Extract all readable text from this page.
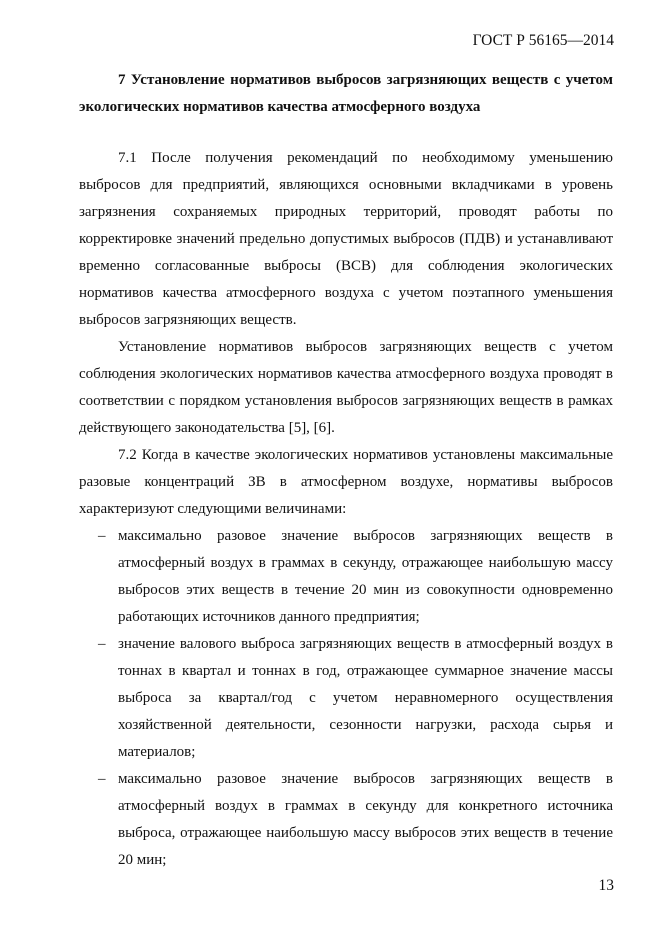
ГОСТ Р 56165—2014
7 Установление нормативов выбросов загрязняющих веществ с учетом экологических нормативов качества атмосферного воздуха

7.1 После получения рекомендаций по необходимому уменьшению выбросов для предприятий, являющихся основными вкладчиками в уровень загрязнения сохраняемых природных территорий, проводят работы по корректировке значений предельно допустимых выбросов (ПДВ) и устанавливают временно согласованные выбросы (ВСВ) для соблюдения экологических нормативов качества атмосферного воздуха с учетом поэтапного уменьшения выбросов загрязняющих веществ.

Установление нормативов выбросов загрязняющих веществ с учетом соблюдения экологических нормативов качества атмосферного воздуха проводят в соответствии с порядком установления выбросов загрязняющих веществ в рамках действующего законодательства [5], [6].

7.2 Когда в качестве экологических нормативов установлены максимальные разовые концентраций ЗВ в атмосферном воздухе, нормативы выбросов характеризуют следующими величинами:

– максимально разовое значение выбросов загрязняющих веществ в атмосферный воздух в граммах в секунду, отражающее наибольшую массу выбросов этих веществ в течение 20 мин из совокупности одновременно работающих источников данного предприятия;
– значение валового выброса загрязняющих веществ в атмосферный воздух в тоннах в квартал и тоннах в год, отражающее суммарное значение массы выброса за квартал/год с учетом неравномерного осуществления хозяйственной деятельности, сезонности нагрузки, расхода сырья и материалов;
– максимально разовое значение выбросов загрязняющих веществ в атмосферный воздух в граммах в секунду для конкретного источника выброса, отражающее наибольшую массу выбросов этих веществ в течение 20 мин;
13
